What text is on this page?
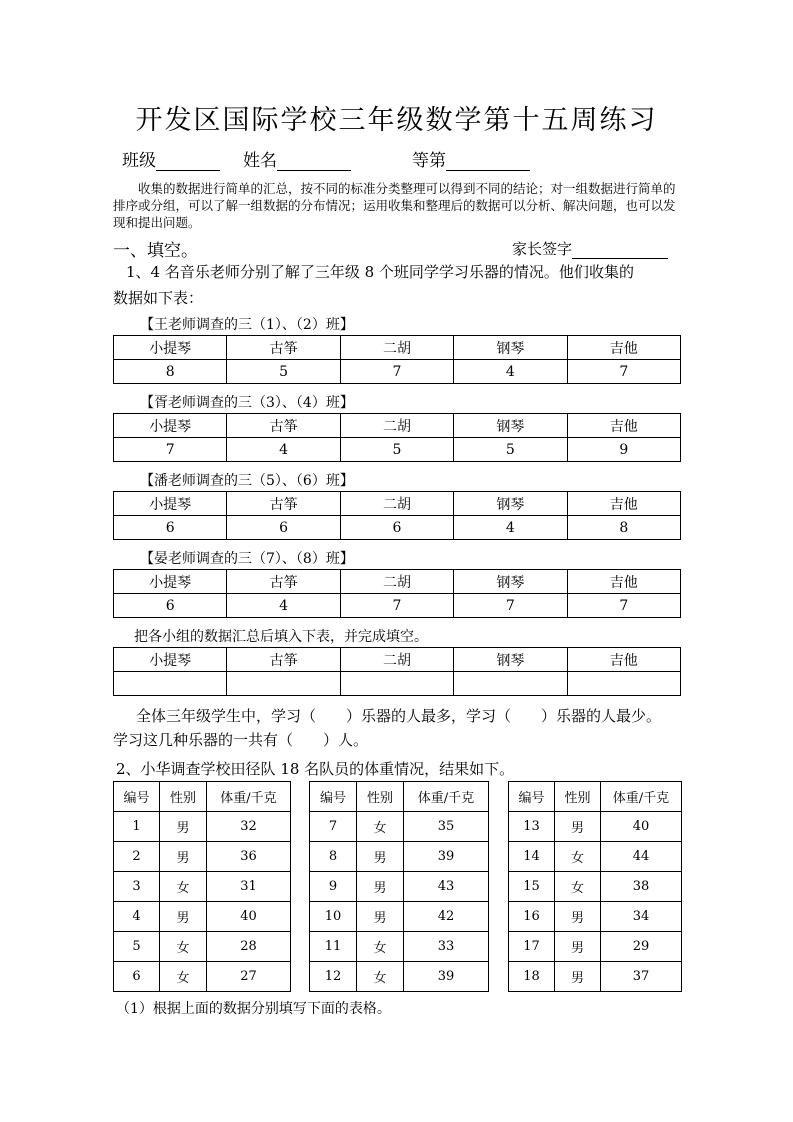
开发区国际学校三年级数学第十五周练习
班级	姓名	等第

收集的数据进行简单的汇总，按不同的标准分类整理可以得到不同的结论；对一组数据进行简单的排序或分组，可以了解一组数据的分布情况；运用收集和整理后的数据可以分析、解决问题，也可以发现和提出问题。

一、填空。	家长签字
1、4 名音乐老师分别了解了三年级 8 个班同学学习乐器的情况。他们收集的
数据如下表：
【王老师调查的三（1）、（2）班】
小提琴	古筝	二胡	钢琴	吉他
8	5	7	4	7
【胥老师调查的三（3）、（4）班】
小提琴	古筝	二胡	钢琴	吉他
7	4	5	5	9
【潘老师调查的三（5）、（6）班】
小提琴	古筝	二胡	钢琴	吉他
6	6	6	4	8
【晏老师调查的三（7）、（8）班】
小提琴	古筝	二胡	钢琴	吉他
6	4	7	7	7
把各小组的数据汇总后填入下表，并完成填空。
小提琴	古筝	二胡	钢琴	吉他

全体三年级学生中，学习（　　）乐器的人最多，学习（　　）乐器的人最少。
学习这几种乐器的一共有（　　）人。
2、小华调查学校田径队 18 名队员的体重情况，结果如下。
编号	性别	体重/千克
1	男	32
2	男	36
3	女	31
4	男	40
5	女	28
6	女	27
编号	性别	体重/千克
7	女	35
8	男	39
9	男	43
10	男	42
11	女	33
12	女	39
编号	性别	体重/千克
13	男	40
14	女	44
15	女	38
16	男	34
17	男	29
18	男	37
（1）根据上面的数据分别填写下面的表格。
